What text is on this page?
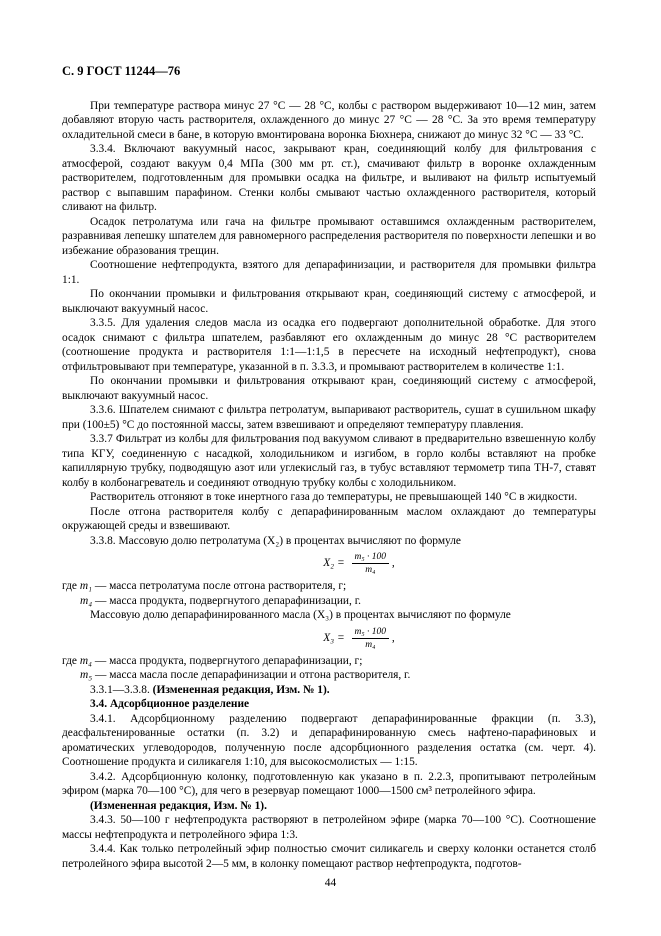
С. 9 ГОСТ 11244—76

При температуре раствора минус 27 °С — 28 °С, колбы с раствором выдерживают 10—12 мин, затем добавляют вторую часть растворителя, охлажденного до минус 27 °С — 28 °С. За это время температуру охладительной смеси в бане, в которую вмонтирована воронка Бюхнера, снижают до минус 32 °С — 33 °С.

3.3.4. Включают вакуумный насос, закрывают кран, соединяющий колбу для фильтрования с атмосферой, создают вакуум 0,4 МПа (300 мм рт. ст.), смачивают фильтр в воронке охлажденным растворителем, подготовленным для промывки осадка на фильтре, и выливают на фильтр испытуемый раствор с выпавшим парафином. Стенки колбы смывают частью охлажденного растворителя, который сливают на фильтр.

Осадок петролатума или гача на фильтре промывают оставшимся охлажденным растворителем, разравнивая лепешку шпателем для равномерного распределения растворителя по поверхности лепешки и во избежание образования трещин.

Соотношение нефтепродукта, взятого для депарафинизации, и растворителя для промывки фильтра 1:1.

По окончании промывки и фильтрования открывают кран, соединяющий систему с атмосферой, и выключают вакуумный насос.

3.3.5. Для удаления следов масла из осадка его подвергают дополнительной обработке. Для этого осадок снимают с фильтра шпателем, разбавляют его охлажденным до минус 28 °С растворителем (соотношение продукта и растворителя 1:1—1:1,5 в пересчете на исходный нефтепродукт), снова отфильтровывают при температуре, указанной в п. 3.3.3, и промывают растворителем в количестве 1:1.

По окончании промывки и фильтрования открывают кран, соединяющий систему с атмосферой, выключают вакуумный насос.

3.3.6. Шпателем снимают с фильтра петролатум, выпаривают растворитель, сушат в сушильном шкафу при (100±5) °С до постоянной массы, затем взвешивают и определяют температуру плавления.

3.3.7 Фильтрат из колбы для фильтрования под вакуумом сливают в предварительно взвешенную колбу типа КГУ, соединенную с насадкой, холодильником и изгибом, в горло колбы вставляют на пробке капиллярную трубку, подводящую азот или углекислый газ, в тубус вставляют термометр типа ТН-7, ставят колбу в колбонагреватель и соединяют отводную трубку колбы с холодильником.

Растворитель отгоняют в токе инертного газа до температуры, не превышающей 140 °С в жидкости.

После отгона растворителя колбу с депарафинированным маслом охлаждают до температуры окружающей среды и взвешивают.

3.3.8. Массовую долю петролатума (X₂) в процентах вычисляют по формуле

$X_2 = \frac{\text{m₅ · 100}}{\text{m₄}}$ ,
где
m₁
— масса петролатума после отгона растворителя, г;
m₄ — масса продукта, подвергнутого депарафинизации, г.

Массовую долю депарафинированного масла (X₃) в процентах вычисляют по формуле

$X_3 = \frac{\text{m₅ · 100}}{\text{m₄}}$ ,
где
m₄
— масса продукта, подвергнутого депарафинизации, г;
m₅ — масса масла после депарафинизации и отгона растворителя, г.

3.3.1—3.3.8. (Измененная редакция, Изм. № 1).

3.4. Адсорбционное разделение

3.4.1. Адсорбционному разделению подвергают депарафинированные фракции (п. 3.3), деасфальтенированные остатки (п. 3.2) и депарафинированную смесь нафтено-парафиновых и ароматических углеводородов, полученную после адсорбционного разделения остатка (см. черт. 4). Соотношение продукта и силикагеля 1:10, для высокосмолистых — 1:15.

3.4.2. Адсорбционную колонку, подготовленную как указано в п. 2.2.3, пропитывают петролейным эфиром (марка 70—100 °С), для чего в резервуар помещают 1000—1500 см³ петролейного эфира.

(Измененная редакция, Изм. № 1).

3.4.3. 50—100 г нефтепродукта растворяют в петролейном эфире (марка 70—100 °С). Соотношение массы нефтепродукта и петролейного эфира 1:3.

3.4.4. Как только петролейный эфир полностью смочит силикагель и сверху колонки останется столб петролейного эфира высотой 2—5 мм, в колонку помещают раствор нефтепродукта, подготов-

44
